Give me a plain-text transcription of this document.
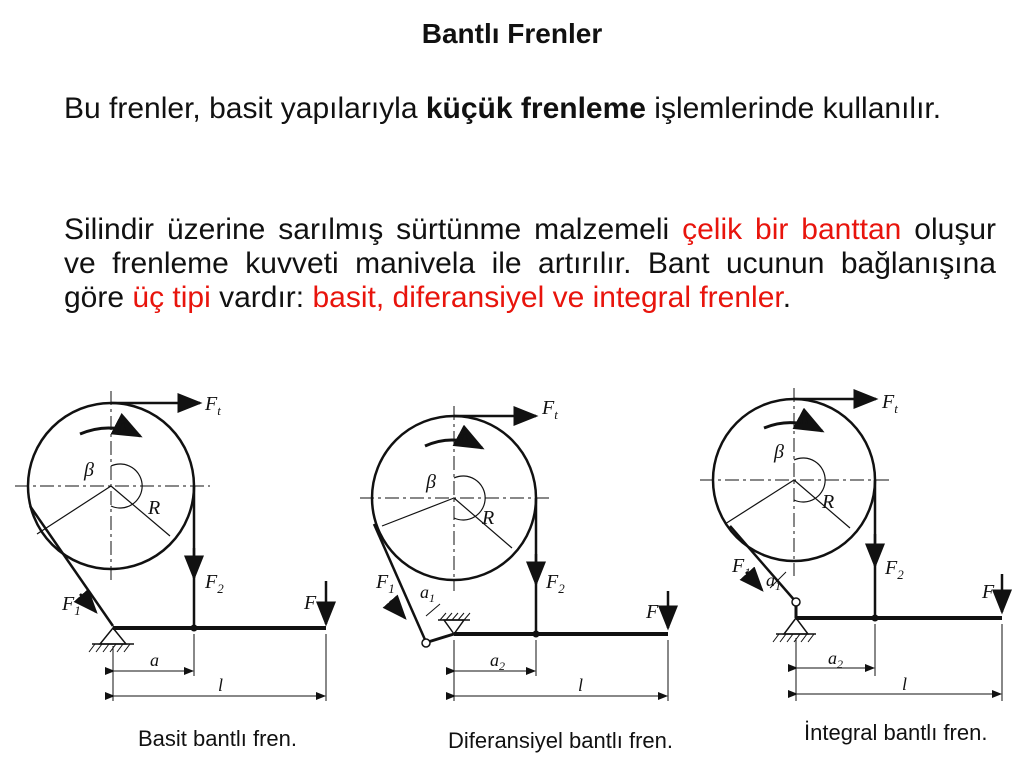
Bantlı Frenler
Bu frenler, basit yapılarıyla küçük frenleme işlemlerinde kullanılır.
Silindir üzerine sarılmış sürtünme malzemeli çelik bir banttan oluşur ve frenleme kuvveti manivela ile artırılır. Bant ucunun bağlanışına göre üç tipi vardır: basit, diferansiyel ve integral frenler.
$F_t$
n
β
R
$F_2$
$F_1$	F
a
l
Basit bantlı fren.
$F_t$
n
β
R
$F_2$
$F_1$ $a_1$
F
$a_2$
l
Diferansiyel bantlı fren.
$F_t$
n
β
R
$F_2$
$F_1$ $a_1$	F
$a_2$
l
İntegral bantlı fren.
